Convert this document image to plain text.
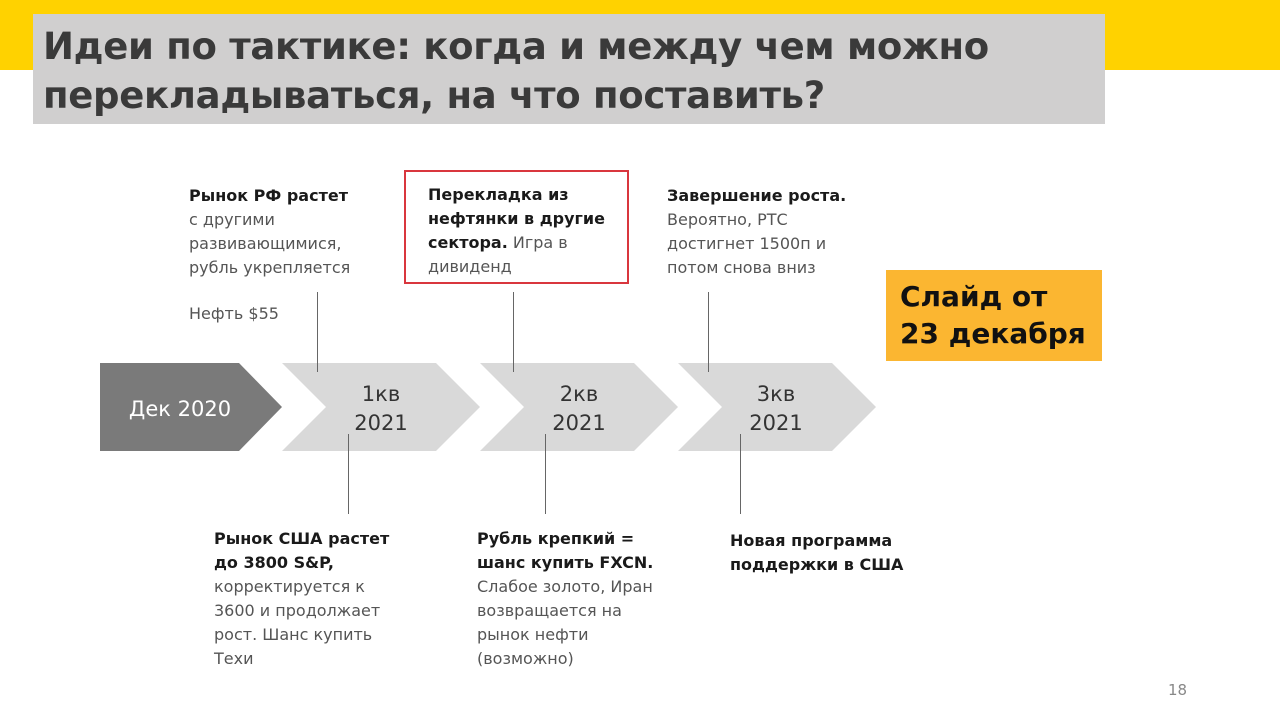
Идеи по тактике: когда и между чем можно
перекладываться, на что поставить?
Дек 2020
1кв
2021
2кв
2021
3кв
2021
Рынок РФ растет
с другими
развивающимися,
рубль укрепляется
Нефть $55
Перекладка из
нефтянки в другие
сектора. Игра в
дивиденд
Завершение роста.
Вероятно, РТС
достигнет 1500п и
потом снова вниз
Рынок США растет
до 3800 S&P,
корректируется к
3600 и продолжает
рост. Шанс купить
Техи
Рубль крепкий =
шанс купить FXCN.
Слабое золото, Иран
возвращается на
рынок нефти
(возможно)
Новая программа
поддержки в США
Слайд от
23 декабря
18
